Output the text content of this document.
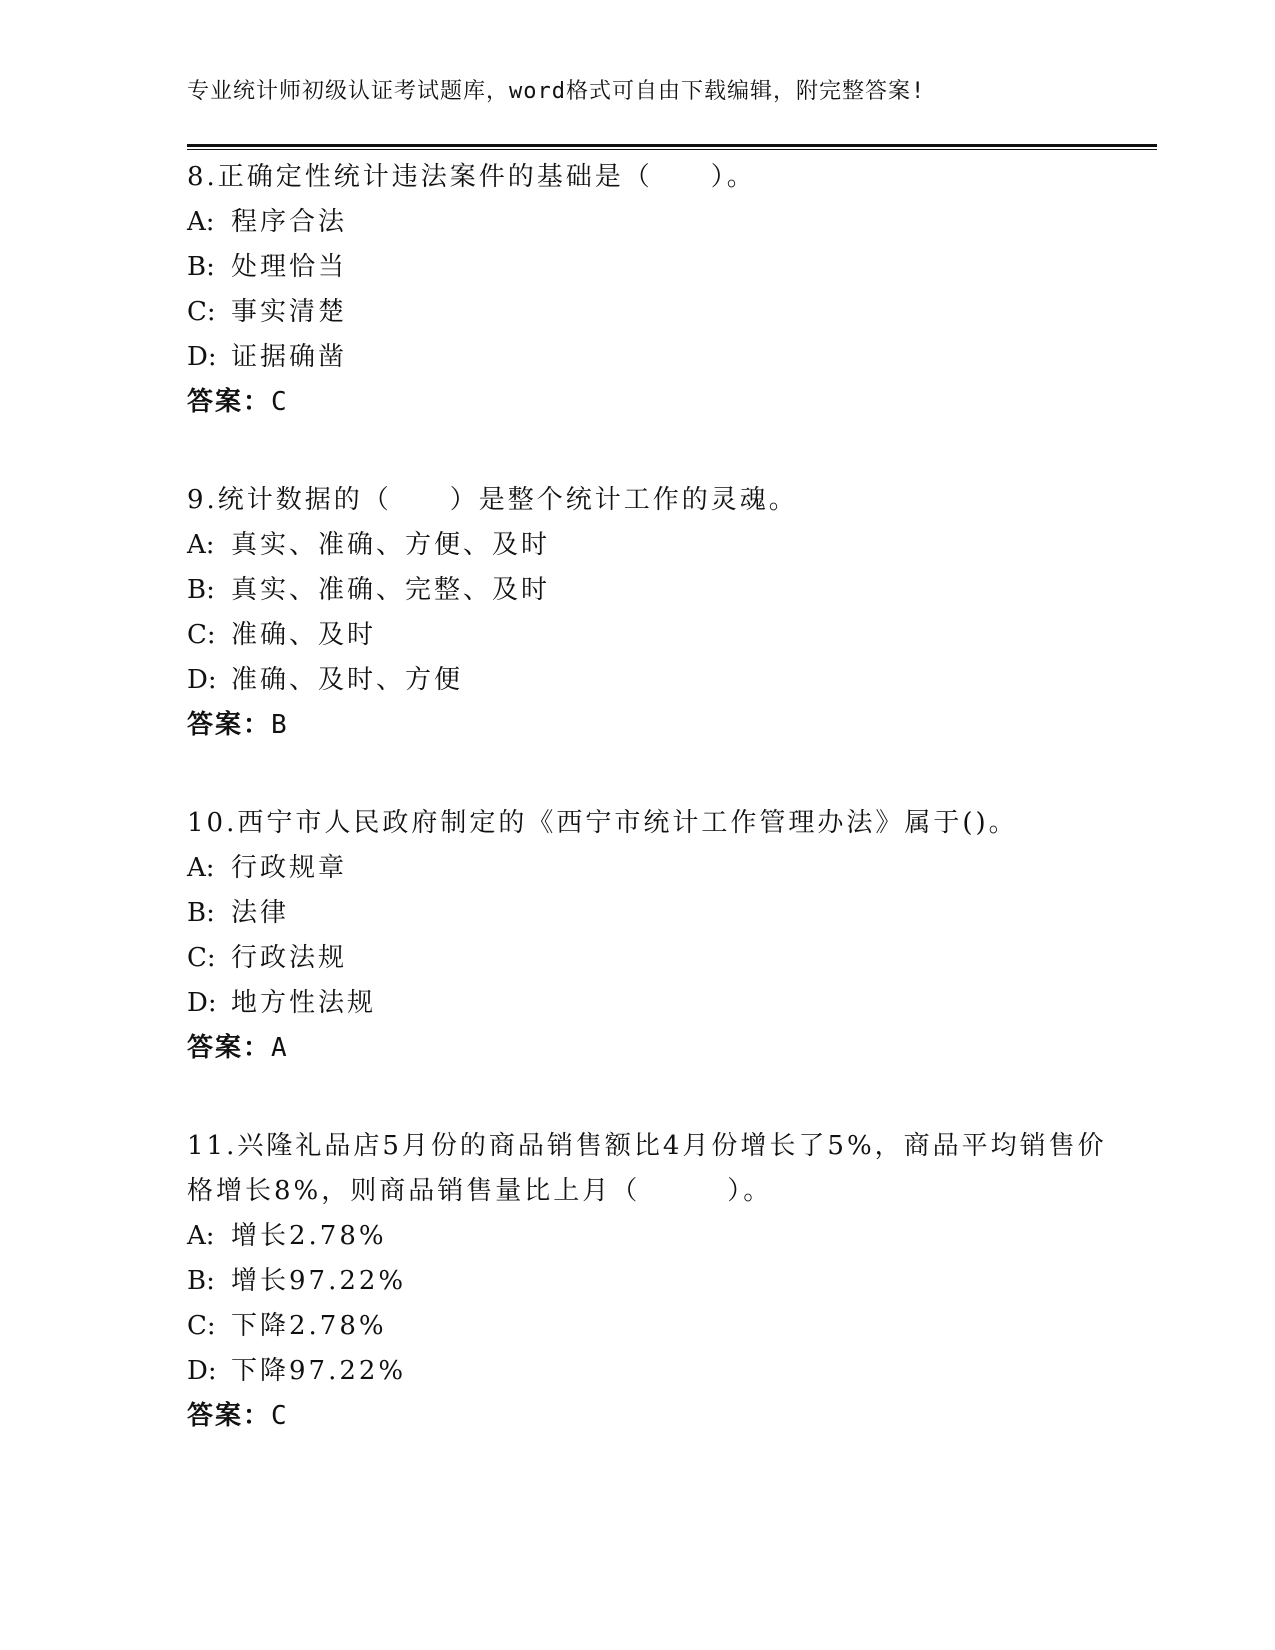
专业统计师初级认证考试题库，word格式可自由下载编辑，附完整答案!

8.正确定性统计违法案件的基础是（　　）。

A: 程序合法

B: 处理恰当

C: 事实清楚

D: 证据确凿

答案：C

9.统计数据的（　　）是整个统计工作的灵魂。

A: 真实、准确、方便、及时

B: 真实、准确、完整、及时

C: 准确、及时

D: 准确、及时、方便

答案：B

10.西宁市人民政府制定的《西宁市统计工作管理办法》属于()。

A: 行政规章

B: 法律

C: 行政法规

D: 地方性法规

答案：A

11.兴隆礼品店5月份的商品销售额比4月份增长了5%，商品平均销售价格增长8%，则商品销售量比上月（　　　）。

A: 增长2.78%

B: 增长97.22%

C: 下降2.78%

D: 下降97.22%

答案：C
